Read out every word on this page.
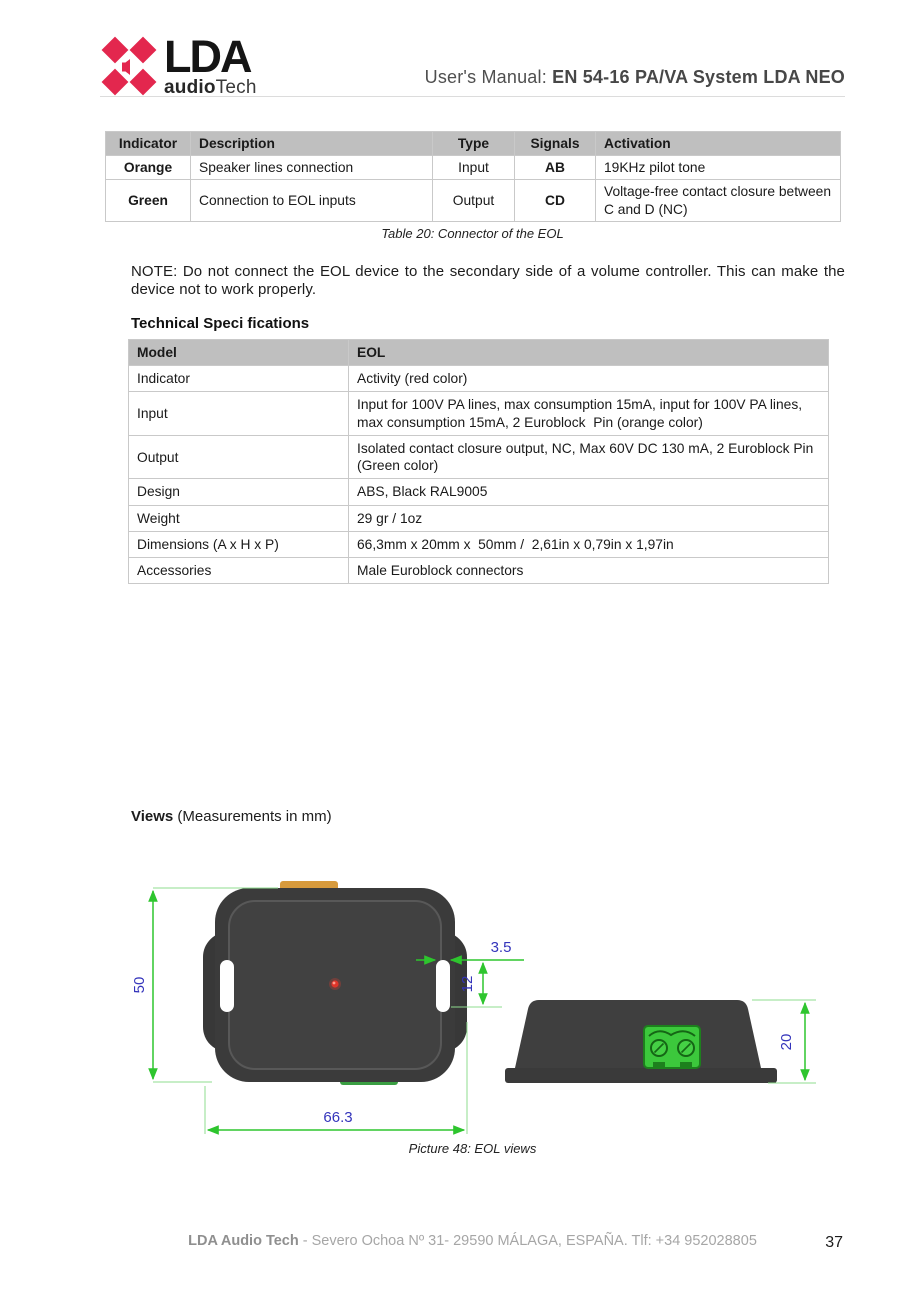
LDA
audioTech
User's Manual: EN 54-16 PA/VA System LDA NEO
Indicator	Description	Type	Signals	Activation
Orange	Speaker lines connection	Input	AB	19KHz pilot tone
Green	Connection to EOL inputs	Output	CD	Voltage-free contact closure between C and D (NC)
Table 20: Connector of the EOL
NOTE: Do not connect the EOL device to the secondary side of a volume controller. This can make the device not to work properly.
Technical Speci fications
Model	EOL
Indicator	Activity (red color)
Input	Input for 100V PA lines, max consumption 15mA, input for 100V PA lines, max consumption 15mA, 2 Euroblock  Pin (orange color)
Output	Isolated contact closure output, NC, Max 60V DC 130 mA, 2 Euroblock Pin (Green color)
Design	ABS, Black RAL9005
Weight	29 gr / 1oz
Dimensions (A x H x P)	66,3mm x 20mm x  50mm /  2,61in x 0,79in x 1,97in
Accessories	Male Euroblock connectors
Views (Measurements in mm)
50
66.3
3.5
12
20
Picture 48: EOL views
LDA Audio Tech - Severo Ochoa Nº 31- 29590 MÁLAGA, ESPAÑA. Tlf: +34 952028805	37
